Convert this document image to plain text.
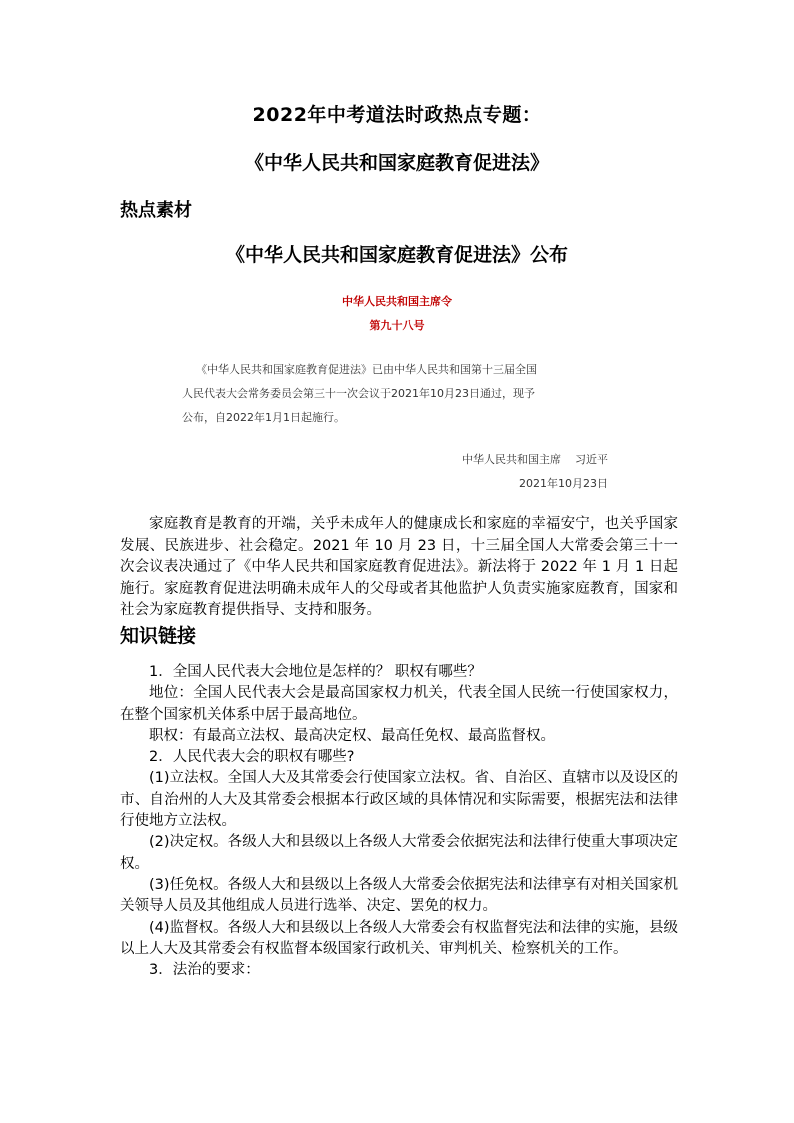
2022年中考道法时政热点专题：
《中华人民共和国家庭教育促进法》
热点素材
《中华人民共和国家庭教育促进法》公布
中华人民共和国主席令
第九十八号
《中华人民共和国家庭教育促进法》已由中华人民共和国第十三届全国
人民代表大会常务委员会第三十一次会议于2021年10月23日通过，现予
公布，自2022年1月1日起施行。
中华人民共和国主席    习近平
2021年10月23日

家庭教育是教育的开端，关乎未成年人的健康成长和家庭的幸福安宁，也关乎国家发展、民族进步、社会稳定。2021 年 10 月 23 日，十三届全国人大常委会第三十一次会议表决通过了《中华人民共和国家庭教育促进法》。新法将于 2022 年 1 月 1 日起施行。家庭教育促进法明确未成年人的父母或者其他监护人负责实施家庭教育，国家和社会为家庭教育提供指导、支持和服务。

知识链接

1．全国人民代表大会地位是怎样的？ 职权有哪些？

地位：全国人民代表大会是最高国家权力机关，代表全国人民统一行使国家权力，在整个国家机关体系中居于最高地位。

职权：有最高立法权、最高决定权、最高任免权、最高监督权。

2．人民代表大会的职权有哪些?

(1)立法权。全国人大及其常委会行使国家立法权。省、自治区、直辖市以及设区的市、自治州的人大及其常委会根据本行政区域的具体情况和实际需要，根据宪法和法律行使地方立法权。

(2)决定权。各级人大和县级以上各级人大常委会依据宪法和法律行使重大事项决定权。

(3)任免权。各级人大和县级以上各级人大常委会依据宪法和法律享有对相关国家机关领导人员及其他组成人员进行选举、决定、罢免的权力。

(4)监督权。各级人大和县级以上各级人大常委会有权监督宪法和法律的实施，县级以上人大及其常委会有权监督本级国家行政机关、审判机关、检察机关的工作。

3．法治的要求：
